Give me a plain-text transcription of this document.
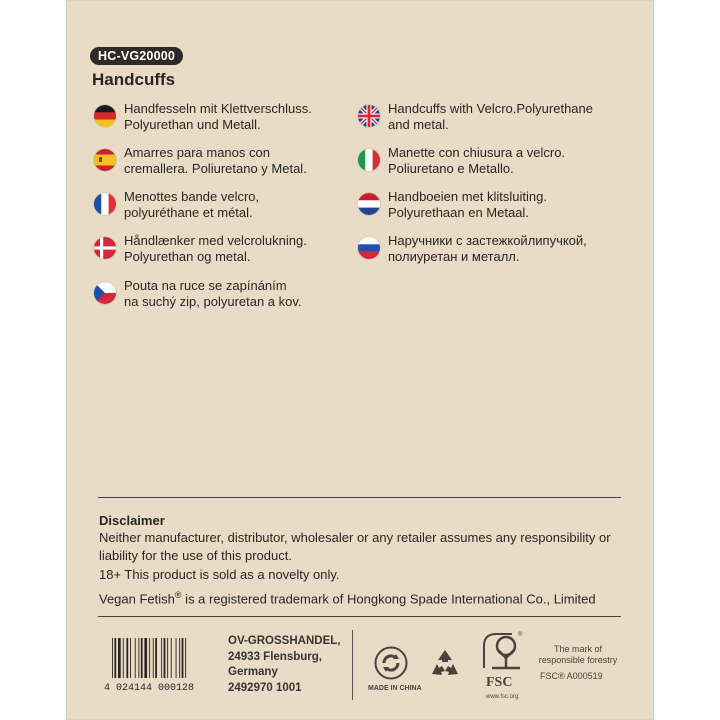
HC-VG20000
Handcuffs
Handfesseln mit Klettverschluss.
Polyurethan und Metall.
Amarres para manos con
cremallera. Poliuretano y Metal.
Menottes bande velcro,
polyuréthane et métal.
Håndlænker med velcrolukning.
Polyurethan og metal.
Pouta na ruce se zapínáním
na suchý zip, polyuretan a kov.
Handcuffs with Velcro.Polyurethane
and metal.
Manette con chiusura a velcro.
Poliuretano e Metallo.
Handboeien met klitsluiting.
Polyurethaan en Metaal.
Наручники с застежкойлипучкой,
полиуретан и металл.
Disclaimer
Neither manufacturer, distributor, wholesaler or any retailer assumes any responsibility or liability for the use of this product.
18+ This product is sold as a novelty only.
Vegan Fetish® is a registered trademark of Hongkong Spade International Co., Limited
4 024144 000128
OV-GROSSHANDEL,
24933 Flensburg,
Germany
2492970 1001	MADE IN CHINA	FSC
®
www.fsc.org
The mark of
responsible forestry
FSC® A000519
